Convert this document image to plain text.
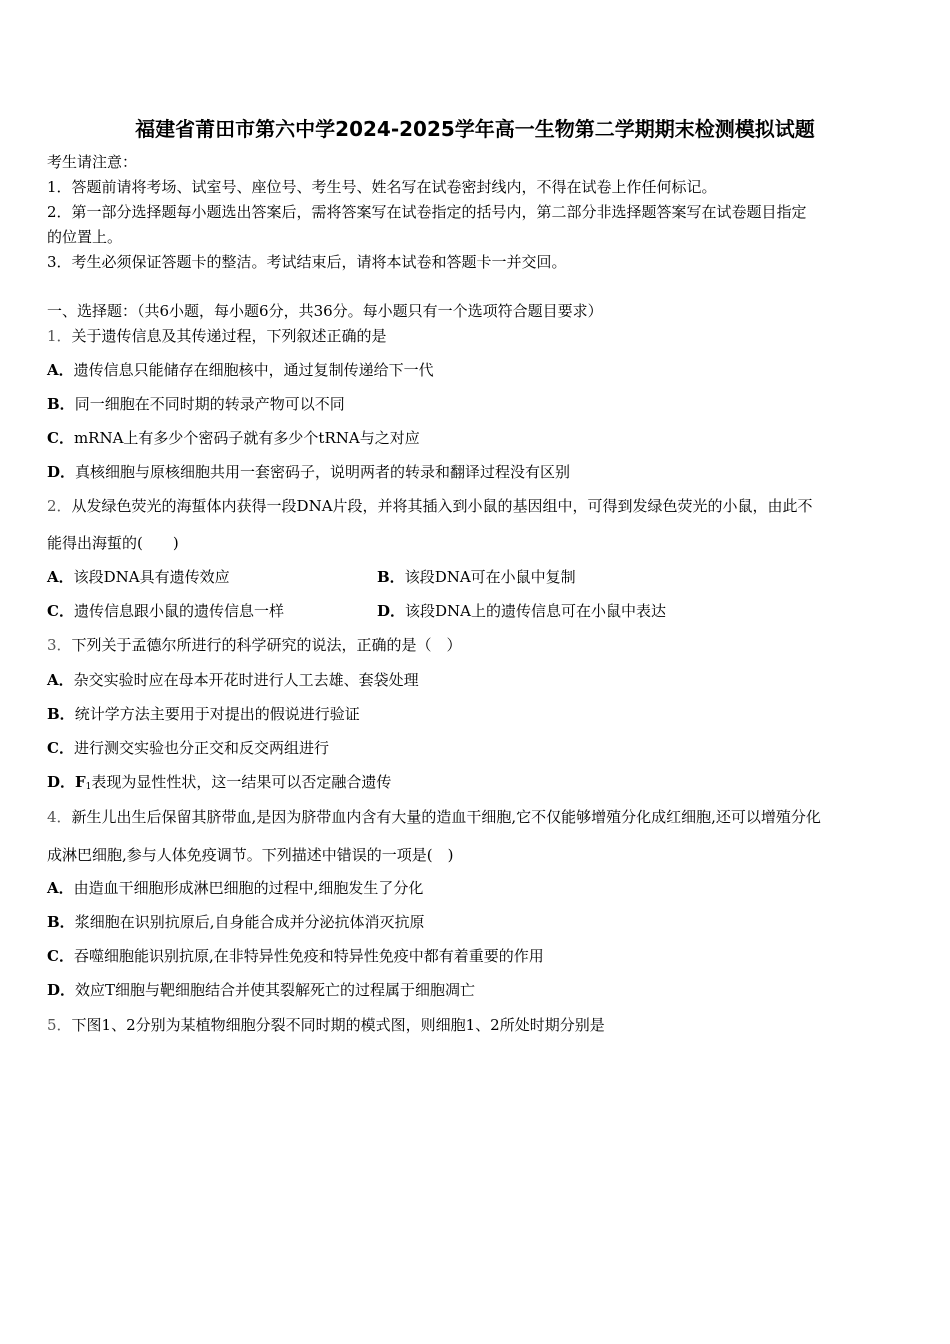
福建省莆田市第六中学2024-2025学年高一生物第二学期期末检测模拟试题
考生请注意：
1．答题前请将考场、试室号、座位号、考生号、姓名写在试卷密封线内，不得在试卷上作任何标记。
2．第一部分选择题每小题选出答案后，需将答案写在试卷指定的括号内，第二部分非选择题答案写在试卷题目指定
的位置上。
3．考生必须保证答题卡的整洁。考试结束后，请将本试卷和答题卡一并交回。
一、选择题：（共6小题，每小题6分，共36分。每小题只有一个选项符合题目要求）
1．关于遗传信息及其传递过程，下列叙述正确的是
A．遗传信息只能储存在细胞核中，通过复制传递给下一代
B．同一细胞在不同时期的转录产物可以不同
C．mRNA上有多少个密码子就有多少个tRNA与之对应
D．真核细胞与原核细胞共用一套密码子，说明两者的转录和翻译过程没有区别
2．从发绿色荧光的海蜇体内获得一段DNA片段，并将其插入到小鼠的基因组中，可得到发绿色荧光的小鼠，由此不
能得出海蜇的(　　)
A．该段DNA具有遗传效应	B．该段DNA可在小鼠中复制
C．遗传信息跟小鼠的遗传信息一样	D．该段DNA上的遗传信息可在小鼠中表达
3．下列关于孟德尔所进行的科学研究的说法，正确的是（　）
A．杂交实验时应在母本开花时进行人工去雄、套袋处理
B．统计学方法主要用于对提出的假说进行验证
C．进行测交实验也分正交和反交两组进行
D．$F_1$表现为显性性状，这一结果可以否定融合遗传
4．新生儿出生后保留其脐带血,是因为脐带血内含有大量的造血干细胞,它不仅能够增殖分化成红细胞,还可以增殖分化
成淋巴细胞,参与人体免疫调节。下列描述中错误的一项是(　)
A．由造血干细胞形成淋巴细胞的过程中,细胞发生了分化
B．浆细胞在识别抗原后,自身能合成并分泌抗体消灭抗原
C．吞噬细胞能识别抗原,在非特异性免疫和特异性免疫中都有着重要的作用
D．效应T细胞与靶细胞结合并使其裂解死亡的过程属于细胞凋亡
5．下图1、2分别为某植物细胞分裂不同时期的模式图，则细胞1、2所处时期分别是
